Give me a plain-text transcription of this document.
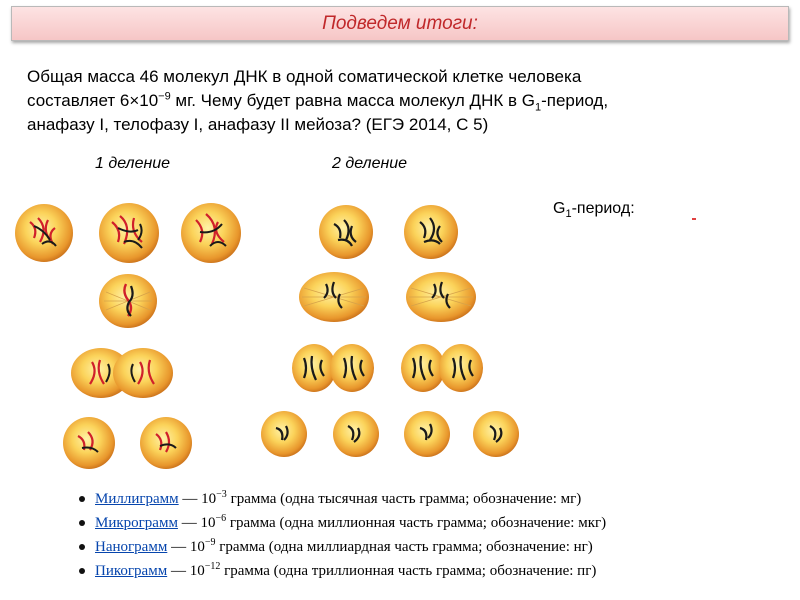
Подведем итоги:

Общая масса 46 молекул ДНК в одной соматической клетке человека

составляет $6\times 10^{-9}$ мг. Чему будет равна масса молекул ДНК в $G_1$-период,

анафазу I, телофазу I, анафазу II мейоза? (ЕГЭ 2014, С 5)

1 деление	2 деление
$G_1$-период:
Миллиграмм — $10^{-3}$ грамма (одна тысячная часть грамма; обозначение: мг)
Микрограмм — $10^{-6}$ грамма (одна миллионная часть грамма; обозначение: мкг)
Нанограмм — $10^{-9}$ грамма (одна миллиардная часть грамма; обозначение: нг)
Пикограмм — $10^{-12}$ грамма (одна триллионная часть грамма; обозначение: пг)
